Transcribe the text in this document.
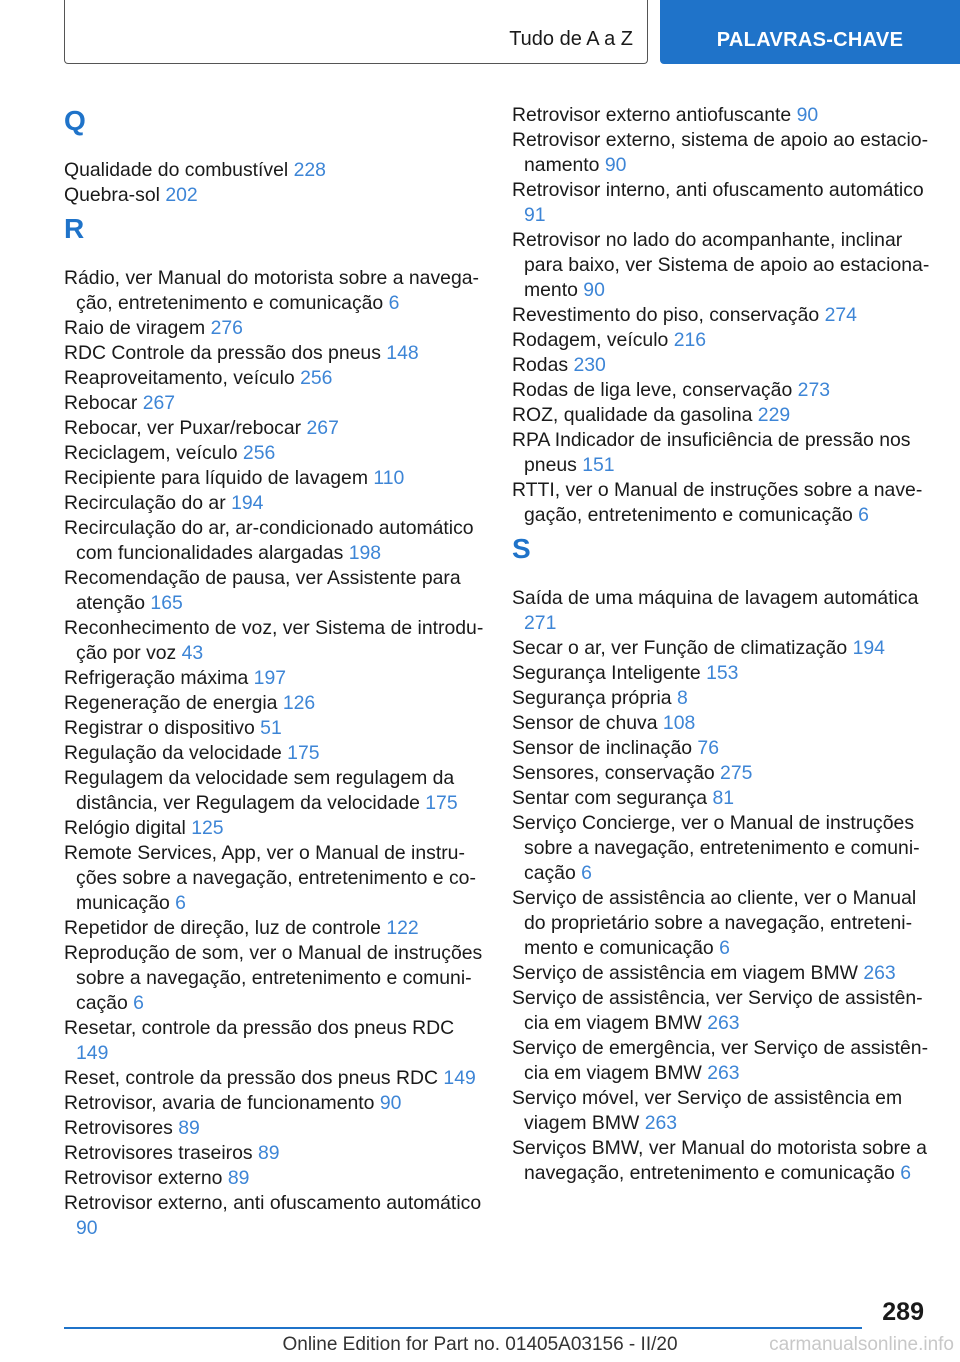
Tudo de A a Z	PALAVRAS-CHAVE
Q
Qualidade do combustível 228
Quebra-sol 202
R
Rádio, ver Manual do motorista sobre a navegação, entretenimento e comunicação 6
Raio de viragem 276
RDC Controle da pressão dos pneus 148
Reaproveitamento, veículo 256
Rebocar 267
Rebocar, ver Puxar/rebocar 267
Reciclagem, veículo 256
Recipiente para líquido de lavagem 110
Recirculação do ar 194
Recirculação do ar, ar-condicionado automático com funcionalidades alargadas 198
Recomendação de pausa, ver Assistente para atenção 165
Reconhecimento de voz, ver Sistema de introdução por voz 43
Refrigeração máxima 197
Regeneração de energia 126
Registrar o dispositivo 51
Regulação da velocidade 175
Regulagem da velocidade sem regulagem da distância, ver Regulagem da velocidade 175
Relógio digital 125
Remote Services, App, ver o Manual de instruções sobre a navegação, entretenimento e comunicação 6
Repetidor de direção, luz de controle 122
Reprodução de som, ver o Manual de instruções sobre a navegação, entretenimento e comunicação 6
Resetar, controle da pressão dos pneus RDC 149
Reset, controle da pressão dos pneus RDC 149
Retrovisor, avaria de funcionamento 90
Retrovisores 89
Retrovisores traseiros 89
Retrovisor externo 89
Retrovisor externo, anti ofuscamento automático 90
Retrovisor externo antiofuscante 90
Retrovisor externo, sistema de apoio ao estacionamento 90
Retrovisor interno, anti ofuscamento automático 91
Retrovisor no lado do acompanhante, inclinar para baixo, ver Sistema de apoio ao estacionamento 90
Revestimento do piso, conservação 274
Rodagem, veículo 216
Rodas 230
Rodas de liga leve, conservação 273
ROZ, qualidade da gasolina 229
RPA Indicador de insuficiência de pressão nos pneus 151
RTTI, ver o Manual de instruções sobre a navegação, entretenimento e comunicação 6
S
Saída de uma máquina de lavagem automática 271
Secar o ar, ver Função de climatização 194
Segurança Inteligente 153
Segurança própria 8
Sensor de chuva 108
Sensor de inclinação 76
Sensores, conservação 275
Sentar com segurança 81
Serviço Concierge, ver o Manual de instruções sobre a navegação, entretenimento e comunicação 6
Serviço de assistência ao cliente, ver o Manual do proprietário sobre a navegação, entretenimento e comunicação 6
Serviço de assistência em viagem BMW 263
Serviço de assistência, ver Serviço de assistência em viagem BMW 263
Serviço de emergência, ver Serviço de assistência em viagem BMW 263
Serviço móvel, ver Serviço de assistência em viagem BMW 263
Serviços BMW, ver Manual do motorista sobre a navegação, entretenimento e comunicação 6
289
Online Edition for Part no. 01405A03156 - II/20	carmanualsonline.info
